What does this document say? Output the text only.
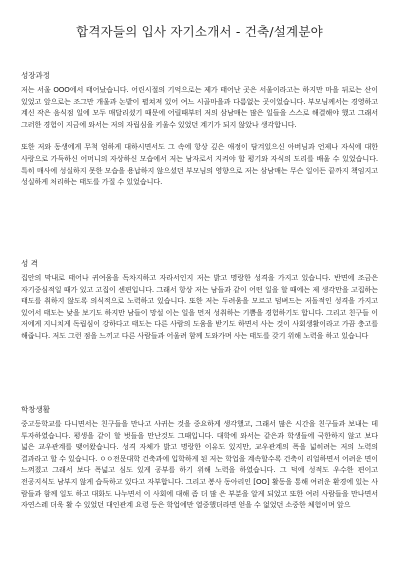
합격자들의 입사 자기소개서 - 건축/설계분야
성장과정

저는 서울 OOO에서 태어났습니다. 어린시절의 기억으로는 제가 태어난 곳은 서울이라고는 하지만 마을 뒤로는 산이 있었고 앞으로는 조그만 개울과 논밭이 펼쳐져 있어 여느 시골마을과 다름없는 곳이었습니다. 부모님께서는 경영하고 계신 작은 음식점 일에 모두 매달리셨기 때문에 어릴때부터 저의 삼남매는 많은 일들을 스스로 해결해야 했고 그래서 그러한 경험이 지금에 와서는 저의 자립심을 키울수 있었던 계기가 되지 않았나 생각합니다.

또한 저와 동생에게 무척 엄하게 대하시면서도 그 속에 항상 깊은 애정이 담겨있으신 아버님과 언제나 자식에 대한 사랑으로 가득하신 어머니의 자상하신 모습에서 저는 남자로서 지켜야 할 평기와 자식의 도리를 배울 수 있었습니다. 특히 매사에 성실하지 못한 모습을 용납하지 않으셨던 부모님의 영향으로 저는 삼남매는 무슨 일이든 끝까지 책임지고 성실하게 처리하는 태도를 가질 수 있었습니다.

성 격

집안의 막내로 태어나 귀여움을 독차지하고 자라서인지 저는 밝고 명랑한 성격을 가지고 있습니다. 반면에 조금은 자기중심적일 때가 있고 고집이 센편입니다. 그래서 항상 저는 남들과 같이 어떤 일을 할 때에는 제 생각만을 고집하는 태도를 취하지 않도록 의식적으로 노력하고 있습니다. 또한 저는 두려움을 모르고 덤벼드는 저돌적인 성격을 가지고 있어서 태도는 낯을 보기도 하지만 남들이 망설 이는 일을 먼저 성취하는 기쁨을 경험하기도 합니다. 그리고 친구들 이 저에게 지니치게 독립심이 강하다고 태도는 다른 사람의 도움을 받기도 하면서 사는 것이 사회생활이라고 가끔 충고를 해줍니다. 저도 그런 점을 느끼고 다른 사람들과 어울려 함께 도와가며 사는 태도를 갖기 위해 노력을 하고 있습니다

학창생활

중고등학교를 다니면서는 친구들을 만나고 사귀는 것을 중요하게 생각했고, 그래서 많은 시간을 친구들과 보내는 데 투자하였습니다. 평생을 같이 할 벗들을 만난것도 그때입니다. 대학에 와서는 같은과 학생들에 국한하지 않고 보다 넓은 교우관계를 맺어왔습니다. 성격 자체가 밝고 명랑한 이유도 있지만, 교우관계의 폭을 넓히려는 저의 노력의 결과라고 할 수 있습니다. ㅇㅇ전문대학 건축과에 입학하게 된 저는 학업을 계속할수록 건축이 리얼하면서 어려운 면이 느껴졌고 그래서 보다 폭넓고 심도 있게 공부를 하기 위해 노력을 하였습니다. 그 덕에 성적도 우수한 편이고 전공지식도 남부지 않게 습득하고 있다고 자부합니다. 그리고 봉사 동아리인 [OO] 활동을 통해 여러운 환경에 있는 사 람들과 함께 일도 하고 대화도 나누면서 이 사회에 대해 좀 더 많 은 부분을 알게 되었고 또한 여러 사람들을 만나면서 자연스레 더욱 활 수 있었던 대인관계 요령 등은 학업에만 열중했더라면 얻을 수 없었던 소중한 체험이며 앞으
